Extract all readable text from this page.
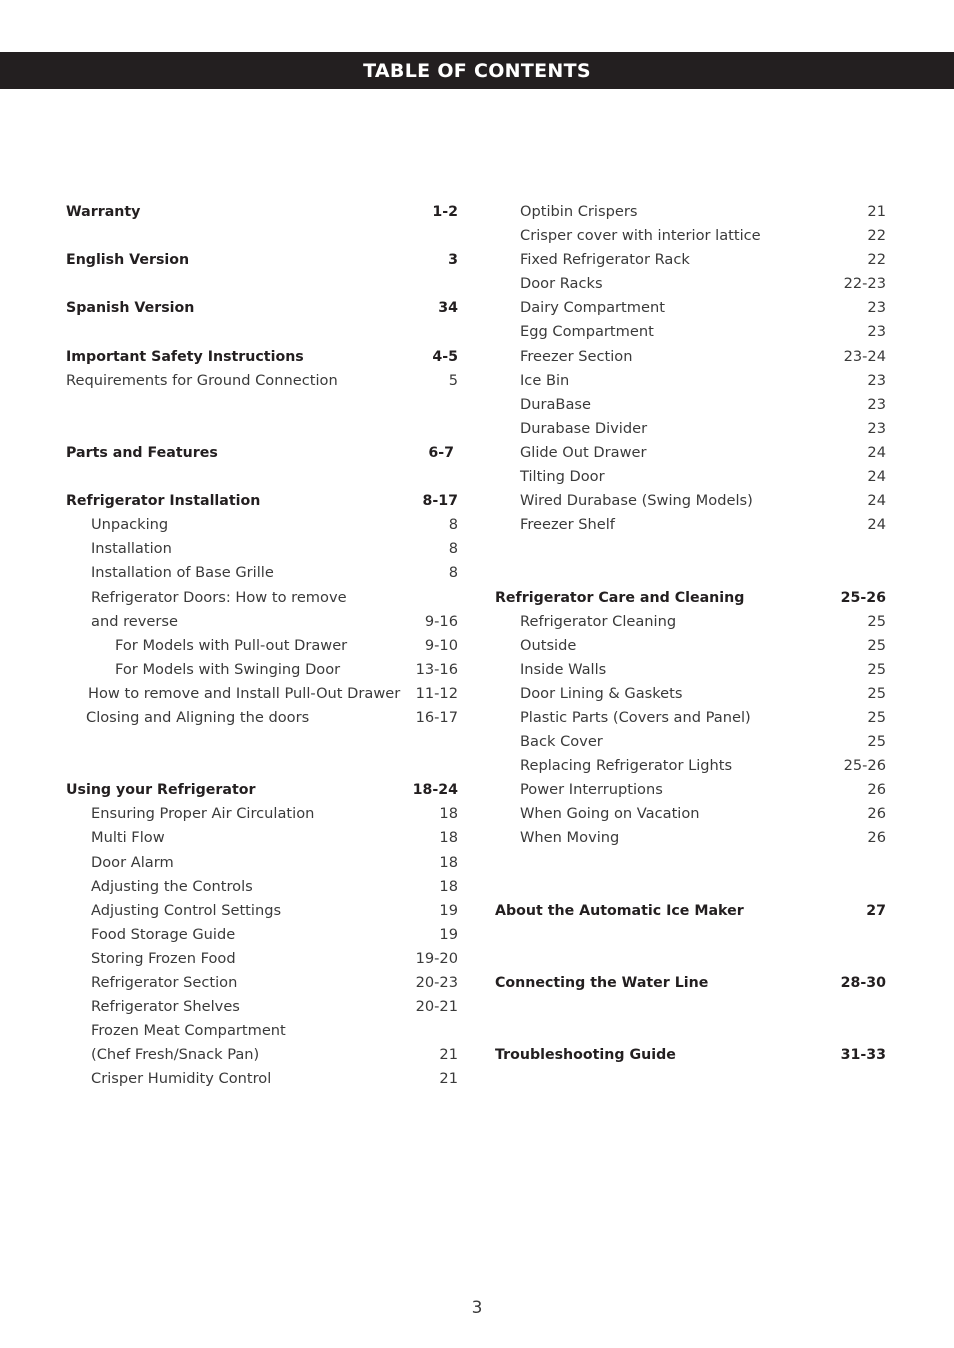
TABLE OF CONTENTS
Warranty	1-2
English Version	3
Spanish Version	34
Important Safety Instructions	4-5
Requirements for Ground Connection	5
Parts and Features	6-7
Refrigerator Installation	8-17
Unpacking	8
Installation	8
Installation of Base Grille	8
Refrigerator Doors: How to remove
and reverse	9-16
For Models with Pull-out Drawer	9-10
For Models with Swinging Door	13-16
How to remove and Install Pull-Out Drawer 11-12
Closing and Aligning the doors	16-17
Using your Refrigerator	18-24
Ensuring Proper Air Circulation	18
Multi Flow	18
Door Alarm	18
Adjusting the Controls	18
Adjusting Control Settings	19
Food Storage Guide	19
Storing Frozen Food	19-20
Refrigerator Section	20-23
Refrigerator Shelves	20-21
Frozen Meat Compartment
(Chef Fresh/Snack Pan)	21
Crisper Humidity Control	21
Optibin Crispers	21
Crisper cover with interior lattice	22
Fixed Refrigerator Rack	22
Door Racks	22-23
Dairy Compartment	23
Egg Compartment	23
Freezer Section	23-24
Ice Bin	23
DuraBase	23
Durabase Divider	23
Glide Out Drawer	24
Tilting Door	24
Wired Durabase (Swing Models)	24
Freezer Shelf	24
Refrigerator Care and Cleaning	25-26
Refrigerator Cleaning	25
Outside	25
Inside Walls	25
Door Lining & Gaskets	25
Plastic Parts (Covers and Panel)	25
Back Cover	25
Replacing Refrigerator Lights	25-26
Power Interruptions	26
When Going on Vacation	26
When Moving	26
About the Automatic Ice Maker	27
Connecting the Water Line	28-30
Troubleshooting Guide	31-33
3
